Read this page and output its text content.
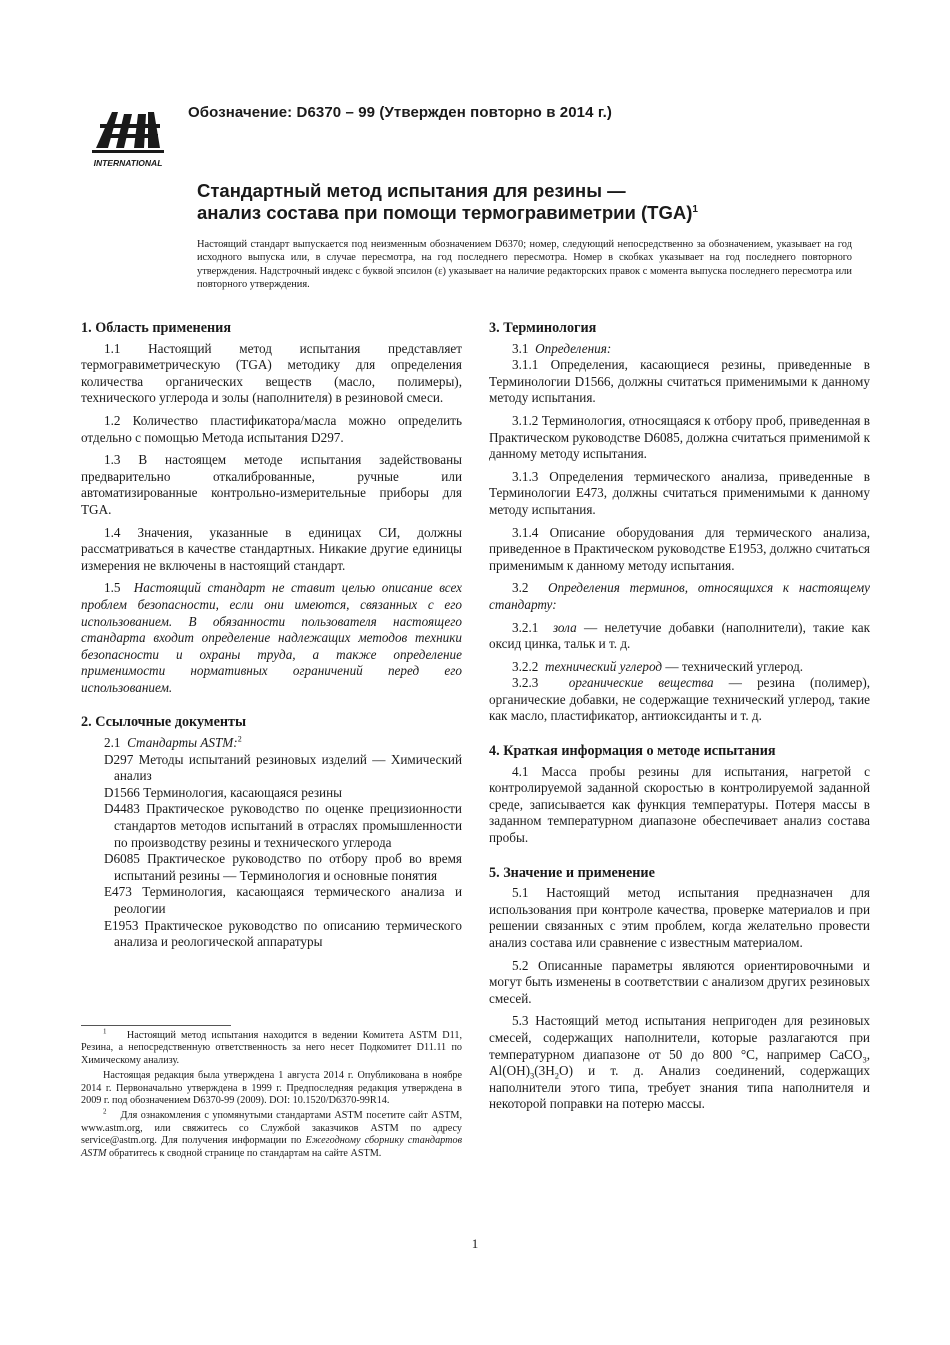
INTERNATIONAL
Обозначение: D6370 – 99 (Утвержден повторно в 2014 г.)
Стандартный метод испытания для резины —
анализ состава при помощи термогравиметрии (TGA)$^1$
Настоящий стандарт выпускается под неизменным обозначением D6370; номер, следующий непосредственно за обозначением, указывает на год исходного выпуска или, в случае пересмотра, на год последнего пересмотра. Номер в скобках указывает на год последнего повторного утверждения. Надстрочный индекс с буквой эпсилон (ε) указывает на наличие редакторских правок с момента выпуска последнего пересмотра или повторного утверждения.
1. Область применения
1.1 Настоящий метод испытания представляет термогравиметрическую (TGA) методику для определения количества органических веществ (масло, полимеры), технического углерода и золы (наполнителя) в резиновой смеси.
1.2 Количество пластификатора/масла можно определить отдельно с помощью Метода испытания D297.
1.3 В настоящем методе испытания задействованы предварительно откалиброванные, ручные или автоматизированные контрольно-измерительные приборы для TGA.
1.4 Значения, указанные в единицах СИ, должны рассматриваться в качестве стандартных. Никакие другие единицы измерения не включены в настоящий стандарт.
1.5 Настоящий стандарт не ставит целью описание всех проблем безопасности, если они имеются, связанных с его использованием. В обязанности пользователя настоящего стандарта входит определение надлежащих методов техники безопасности и охраны труда, а также определение применимости нормативных ограничений перед его использованием.
2. Ссылочные документы
2.1 Стандарты ASTM:$^2$
D297 Методы испытаний резиновых изделий — Химический анализ
D1566 Терминология, касающаяся резины
D4483 Практическое руководство по оценке прецизионности стандартов методов испытаний в отраслях промышленности по производству резины и технического углерода
D6085 Практическое руководство по отбору проб во время испытаний резины — Терминология и основные понятия
E473 Терминология, касающаяся термического анализа и реологии
E1953 Практическое руководство по описанию термического анализа и реологической аппаратуры
$^1$ Настоящий метод испытания находится в ведении Комитета ASTM D11, Резина, а непосредственную ответственность за него несет Подкомитет D11.11 по Химическому анализу.
Настоящая редакция была утверждена 1 августа 2014 г. Опубликована в ноябре 2014 г. Первоначально утверждена в 1999 г. Предпоследняя редакция утверждена в 2009 г. под обозначением D6370-99 (2009). DOI: 10.1520/D6370-99R14.
$^2$ Для ознакомления с упомянутыми стандартами ASTM посетите сайт ASTM, www.astm.org, или свяжитесь со Службой заказчиков ASTM по адресу service@astm.org. Для получения информации по Ежегодному сборнику стандартов ASTM обратитесь к сводной странице по стандартам на сайте ASTM.
3. Терминология
3.1 Определения:
3.1.1 Определения, касающиеся резины, приведенные в Терминологии D1566, должны считаться применимыми к данному методу испытания.
3.1.2 Терминология, относящаяся к отбору проб, приведенная в Практическом руководстве D6085, должна считаться применимой к данному методу испытания.
3.1.3 Определения термического анализа, приведенные в Терминологии E473, должны считаться применимыми к данному методу испытания.
3.1.4 Описание оборудования для термического анализа, приведенное в Практическом руководстве E1953, должно считаться применимым к данному методу испытания.
3.2 Определения терминов, относящихся к настоящему стандарту:
3.2.1 зола — нелетучие добавки (наполнители), такие как оксид цинка, тальк и т. д.
3.2.2 технический углерод — технический углерод.
3.2.3 органические вещества — резина (полимер), органические добавки, не содержащие технический углерод, такие как масло, пластификатор, антиоксиданты и т. д.
4. Краткая информация о методе испытания
4.1 Масса пробы резины для испытания, нагретой с контролируемой заданной скоростью в контролируемой заданной среде, записывается как функция температуры. Потеря массы в заданном температурном диапазоне обеспечивает анализ состава пробы.
5. Значение и применение
5.1 Настоящий метод испытания предназначен для использования при контроле качества, проверке материалов и при решении связанных с этим проблем, когда желательно провести анализ состава или сравнение с известным материалом.
5.2 Описанные параметры являются ориентировочными и могут быть изменены в соответствии с анализом других резиновых смесей.
5.3 Настоящий метод испытания непригоден для резиновых смесей, содержащих наполнители, которые разлагаются при температурном диапазоне от 50 до 800 °C, например CaCO$_3$, $Al(OH)_3(3H_2O)$ и т. д. Анализ соединений, содержащих наполнители этого типа, требует знания типа наполнителя и некоторой поправки на потерю массы.
1
